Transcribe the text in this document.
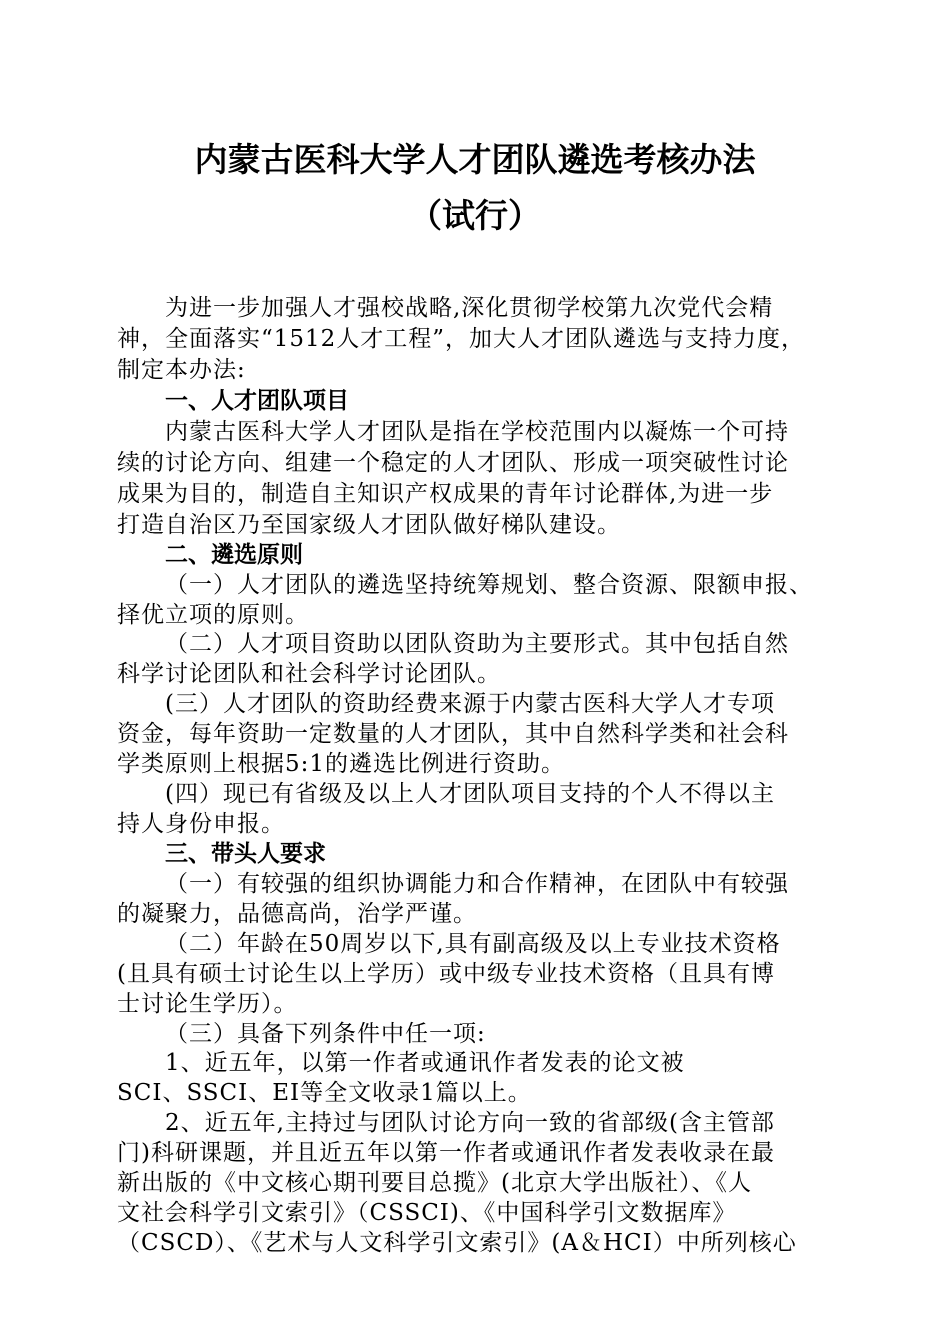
内蒙古医科大学人才团队遴选考核办法
（试行）
为进一步加强人才强校战略,深化贯彻学校第九次党代会精
神，全面落实“1512人才工程”，加大人才团队遴选与支持力度，
制定本办法:
一、人才团队项目
内蒙古医科大学人才团队是指在学校范围内以凝炼一个可持
续的讨论方向、组建一个稳定的人才团队、形成一项突破性讨论
成果为目的，制造自主知识产权成果的青年讨论群体,为进一步
打造自治区乃至国家级人才团队做好梯队建设。
二、遴选原则
（一）人才团队的遴选坚持统筹规划、整合资源、限额申报、
择优立项的原则。
（二）人才项目资助以团队资助为主要形式。其中包括自然
科学讨论团队和社会科学讨论团队。
(三）人才团队的资助经费来源于内蒙古医科大学人才专项
资金，每年资助一定数量的人才团队，其中自然科学类和社会科
学类原则上根据5:1的遴选比例进行资助。
(四）现已有省级及以上人才团队项目支持的个人不得以主
持人身份申报。
三、带头人要求
（一）有较强的组织协调能力和合作精神，在团队中有较强
的凝聚力，品德高尚，治学严谨。
（二）年龄在50周岁以下,具有副高级及以上专业技术资格
(且具有硕士讨论生以上学历）或中级专业技术资格（且具有博
士讨论生学历）。
（三）具备下列条件中任一项:
1、近五年，以第一作者或通讯作者发表的论文被
SCI、SSCI、EI等全文收录1篇以上。
2、近五年,主持过与团队讨论方向一致的省部级(含主管部
门)科研课题，并且近五年以第一作者或通讯作者发表收录在最
新出版的《中文核心期刊要目总揽》(北京大学出版社）、《人
文社会科学引文索引》（CSSCI)、《中国科学引文数据库》
（CSCD）、《艺术与人文科学引文索引》(A＆HCI）中所列核心
